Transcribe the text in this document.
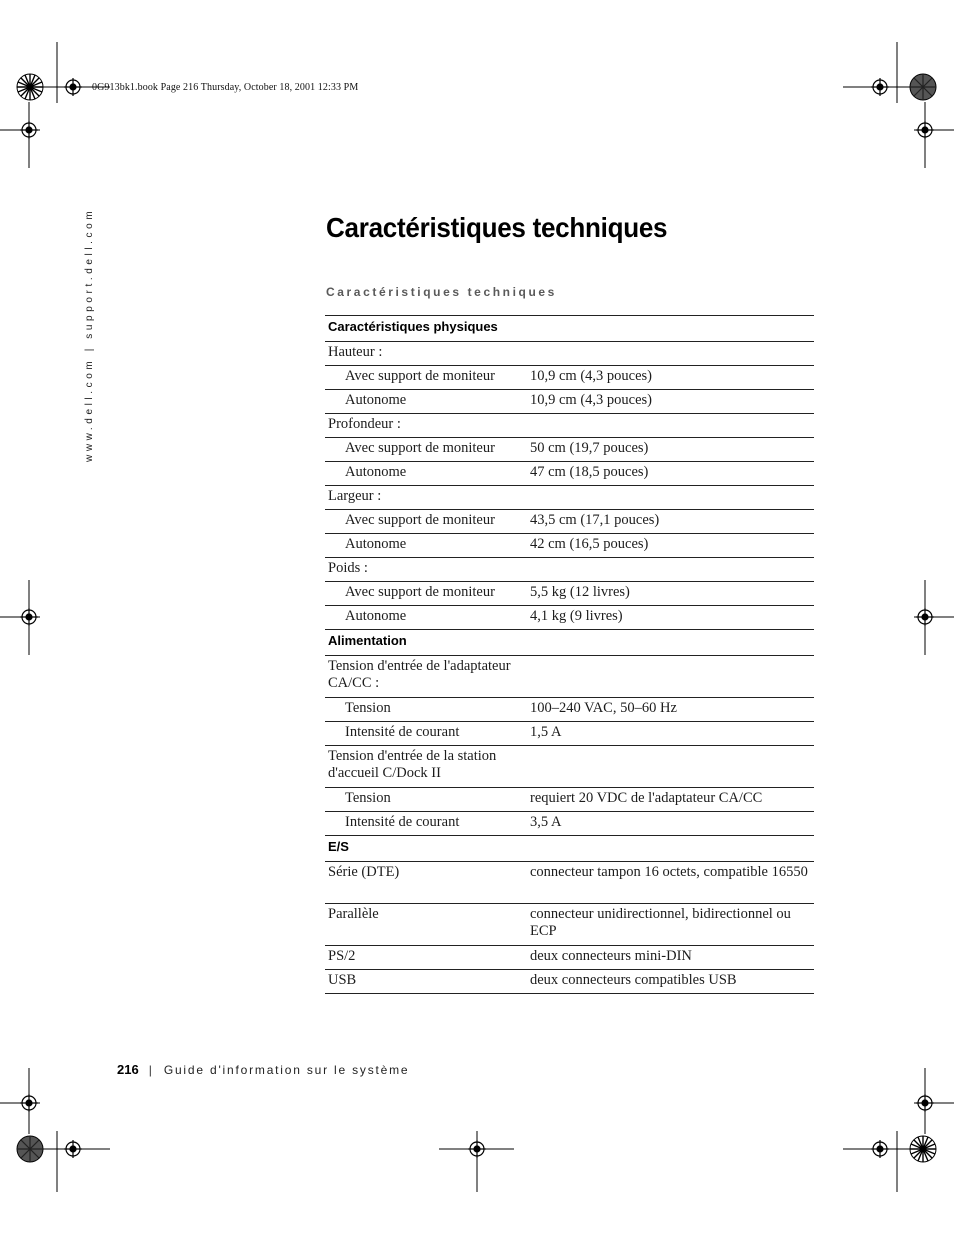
0G913bk1.book Page 216 Thursday, October 18, 2001 12:33 PM
www.dell.com | support.dell.com	Caractéristiques techniques
Caractéristiques techniques
Caractéristiques physiques	
Hauteur :	
Avec support de moniteur	10,9 cm (4,3 pouces)
Autonome	10,9 cm (4,3 pouces)
Profondeur :	
Avec support de moniteur	50 cm (19,7 pouces)
Autonome	47 cm (18,5 pouces)
Largeur :	
Avec support de moniteur	43,5 cm (17,1 pouces)
Autonome	42 cm (16,5 pouces)
Poids :	
Avec support de moniteur	5,5 kg (12 livres)
Autonome	4,1 kg (9 livres)
Alimentation	
Tension d'entrée de l'adaptateur CA/CC :	
Tension	100–240 VAC, 50–60 Hz
Intensité de courant	1,5 A
Tension d'entrée de la station d'accueil C/Dock II	
Tension	requiert 20 VDC de l'adaptateur CA/CC
Intensité de courant	3,5 A
E/S	
Série (DTE)	connecteur tampon 16 octets, compatible 16550
Parallèle	connecteur unidirectionnel, bidirectionnel ou ECP
PS/2	deux connecteurs mini-DIN
USB	deux connecteurs compatibles USB
216 | Guide d'information sur le système
